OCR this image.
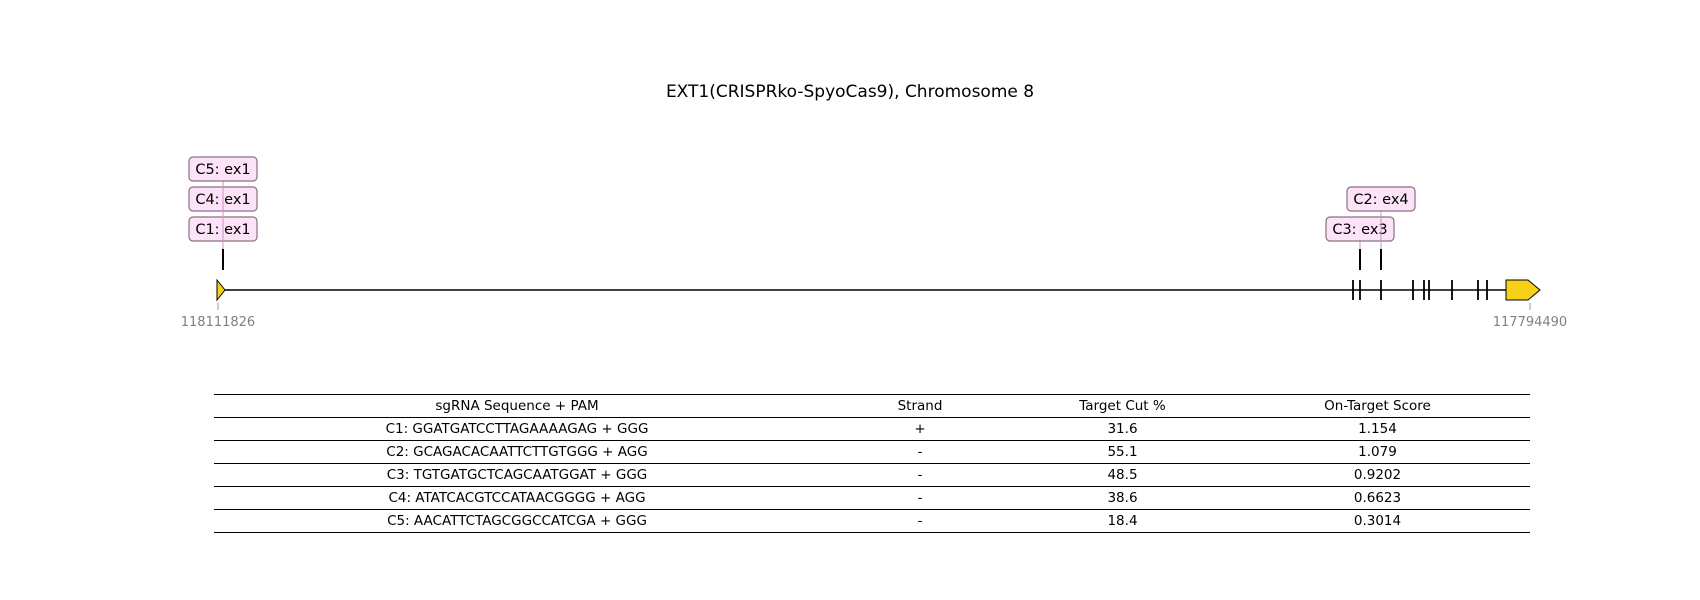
EXT1(CRISPRko-SpyoCas9), Chromosome 8
C1: ex1
C4: ex1
C5: ex1
C3: ex3
C2: ex4
118111826	117794490
sgRNA Sequence + PAM	Strand	Target Cut %	On-Target Score
C1: GGATGATCCTTAGAAAAGAG + GGG	+	31.6	1.154
C2: GCAGACACAATTCTTGTGGG + AGG	-	55.1	1.079
C3: TGTGATGCTCAGCAATGGAT + GGG	-	48.5	0.9202
C4: ATATCACGTCCATAACGGGG + AGG	-	38.6	0.6623
C5: AACATTCTAGCGGCCATCGA + GGG	-	18.4	0.3014
